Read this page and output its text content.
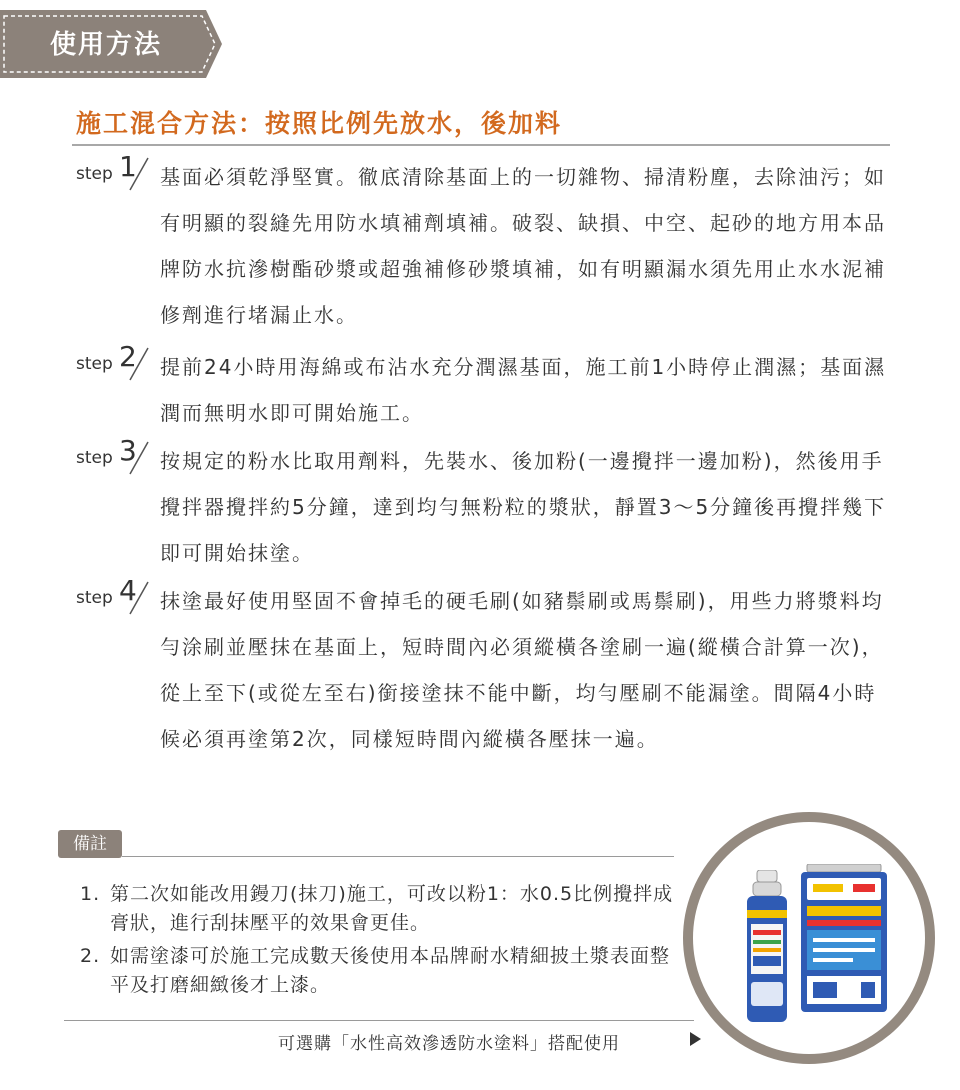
使用方法
施工混合方法：按照比例先放水，後加料
step 1 基面必須乾淨堅實。徹底清除基面上的一切雜物、掃清粉塵，去除油污；如有明顯的裂縫先用防水填補劑填補。破裂、缺損、中空、起砂的地方用本品牌防水抗滲樹酯砂漿或超強補修砂漿填補，如有明顯漏水須先用止水水泥補修劑進行堵漏止水。
step 2 提前24小時用海綿或布沾水充分潤濕基面，施工前1小時停止潤濕；基面濕潤而無明水即可開始施工。
step 3 按規定的粉水比取用劑料，先裝水、後加粉(一邊攪拌一邊加粉)，然後用手攪拌器攪拌約5分鐘，達到均勻無粉粒的漿狀，靜置3～5分鐘後再攪拌幾下即可開始抹塗。
step 4 抹塗最好使用堅固不會掉毛的硬毛刷(如豬鬃刷或馬鬃刷)，用些力將漿料均勻涂刷並壓抹在基面上，短時間內必須縱橫各塗刷一遍(縱橫合計算一次)，從上至下(或從左至右)銜接塗抹不能中斷，均勻壓刷不能漏塗。間隔4小時候必須再塗第2次，同樣短時間內縱橫各壓抹一遍。
備註
1. 第二次如能改用鏝刀(抹刀)施工，可改以粉1：水0.5比例攪拌成膏狀，進行刮抹壓平的效果會更佳。
2. 如需塗漆可於施工完成數天後使用本品牌耐水精細披土漿表面整平及打磨細緻後才上漆。
可選購「水性高效滲透防水塗料」搭配使用
